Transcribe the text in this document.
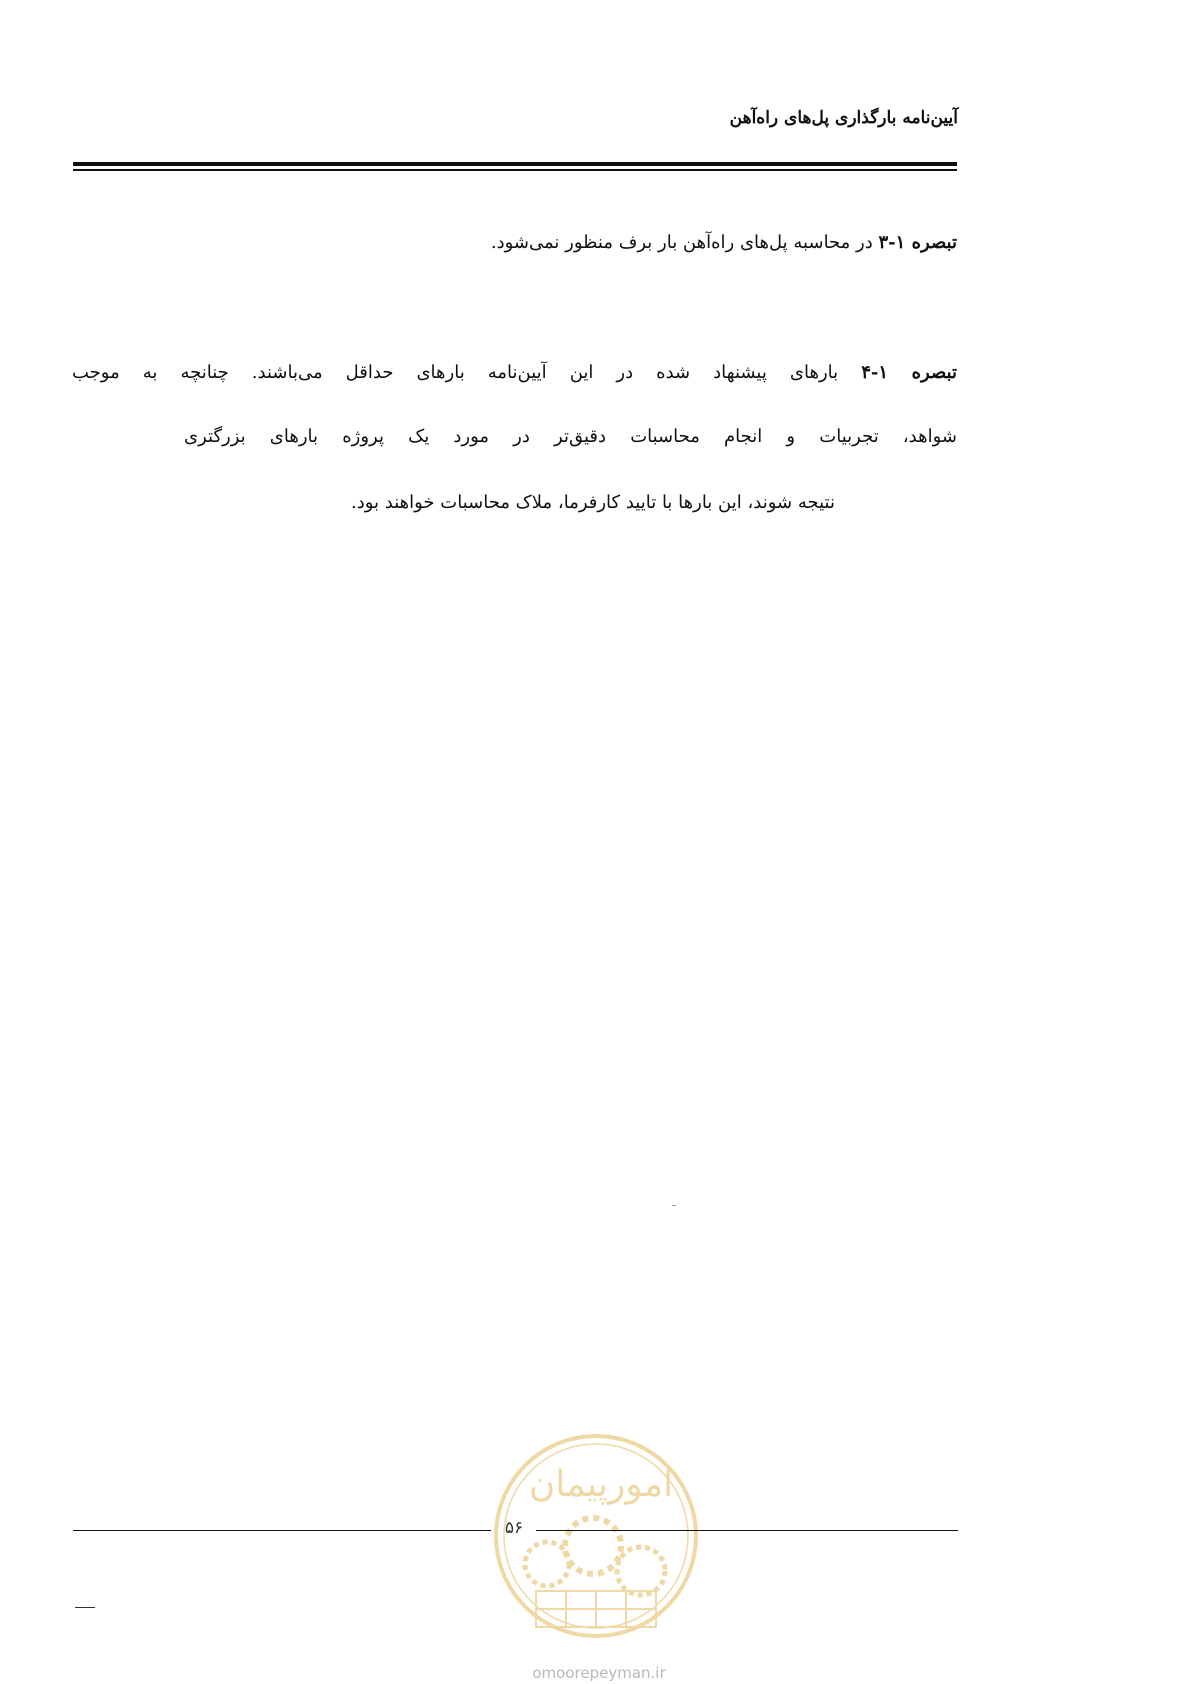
آیین‌نامه بارگذاری پل‌های راه‌آهن
تبصره ۱-۳ در محاسبه پل‌های راه‌آهن بار برف منظور نمی‌شود.
تبصره ۱-۴ بارهای پیشنهاد شده در این آیین‌نامه بارهای حداقل می‌باشند. چنانچه به موجب
شواهد، تجربیات و انجام محاسبات دقیق‌تر در مورد یک پروژه بارهای بزرگتری
نتیجه شوند، این بارها با تایید کارفرما، ملاک محاسبات خواهند بود.
امورپیمان
۵۶
omoorepeyman.ir
